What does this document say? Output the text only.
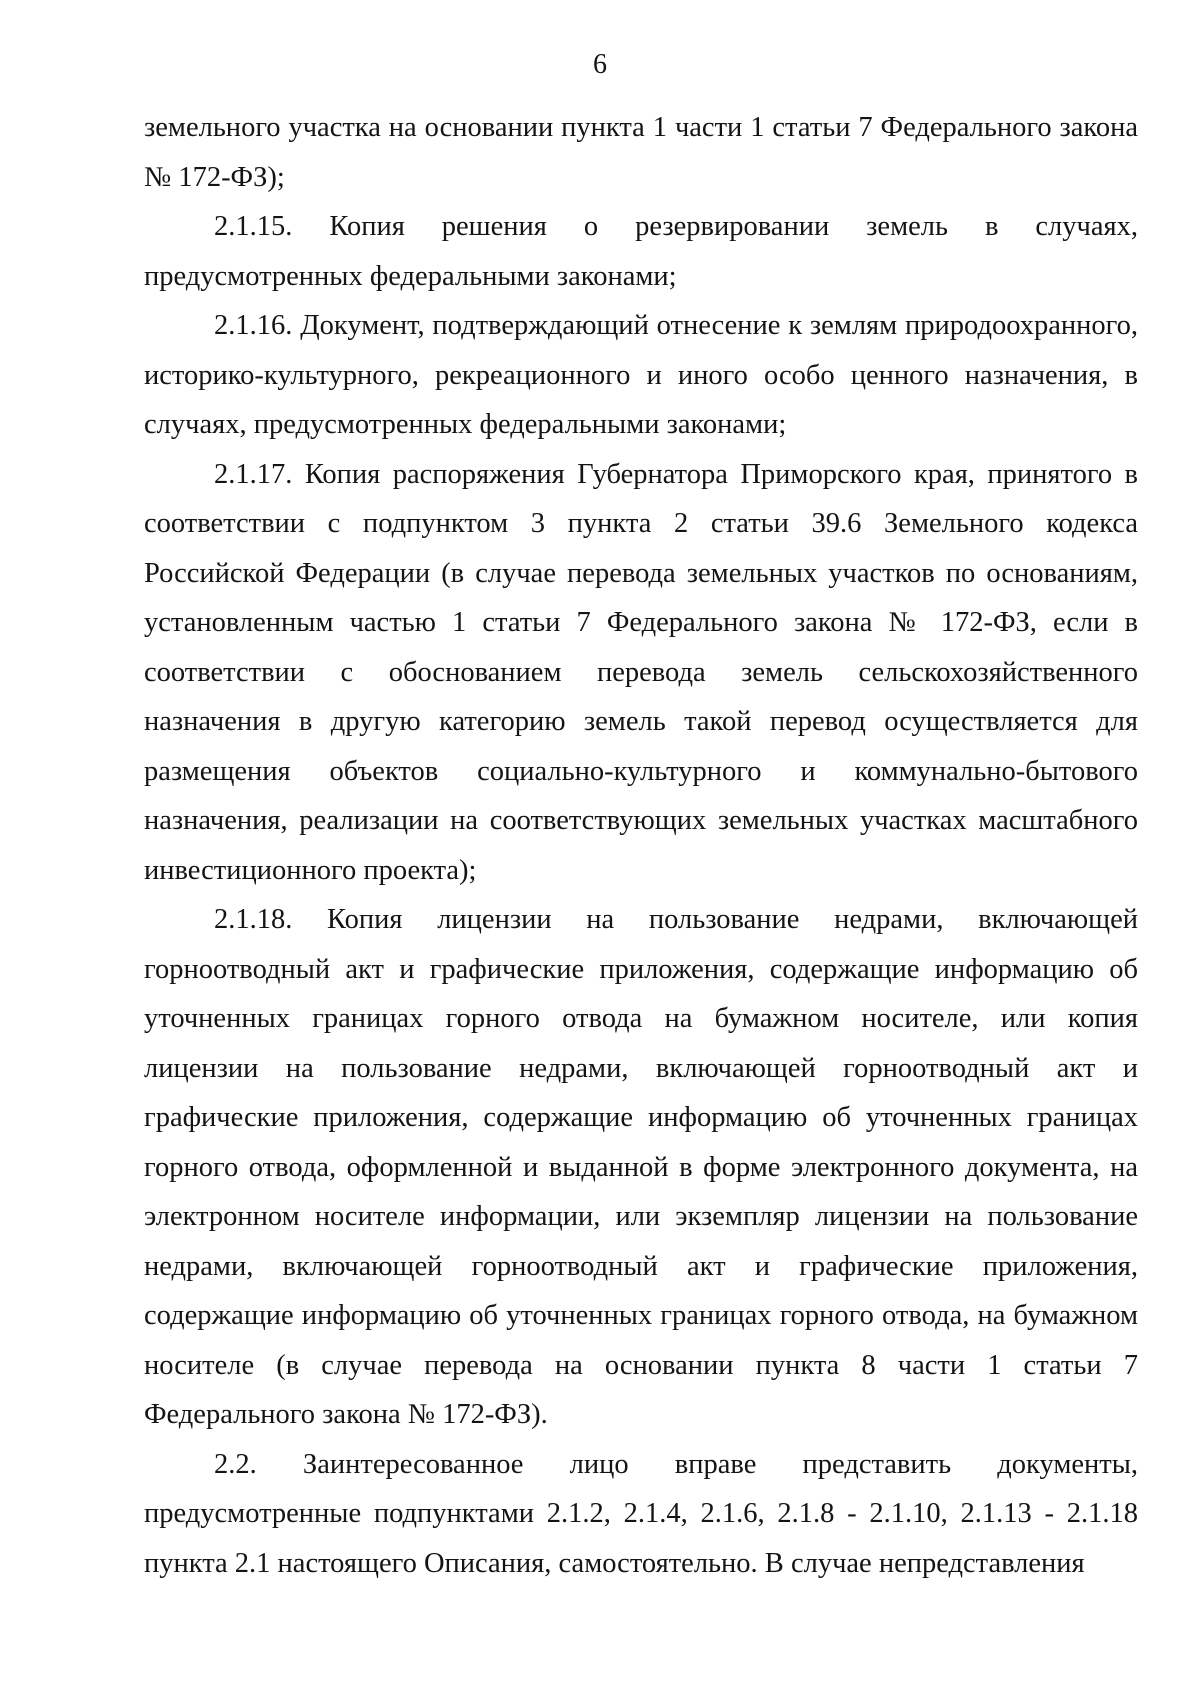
6

земельного участка на основании пункта 1 части 1 статьи 7 Федерального закона № 172-ФЗ);

2.1.15. Копия решения о резервировании земель в случаях, предусмотренных федеральными законами;

2.1.16. Документ, подтверждающий отнесение к землям природоохранного, историко-культурного, рекреационного и иного особо ценного назначения, в случаях, предусмотренных федеральными законами;

2.1.17. Копия распоряжения Губернатора Приморского края, принятого в соответствии с подпунктом 3 пункта 2 статьи 39.6 Земельного кодекса Российской Федерации (в случае перевода земельных участков по основаниям, установленным частью 1 статьи 7 Федерального закона № 172-ФЗ, если в соответствии с обоснованием перевода земель сельскохозяйственного назначения в другую категорию земель такой перевод осуществляется для размещения объектов социально-культурного и коммунально-бытового назначения, реализации на соответствующих земельных участках масштабного инвестиционного проекта);

2.1.18. Копия лицензии на пользование недрами, включающей горноотводный акт и графические приложения, содержащие информацию об уточненных границах горного отвода на бумажном носителе, или копия лицензии на пользование недрами, включающей горноотводный акт и графические приложения, содержащие информацию об уточненных границах горного отвода, оформленной и выданной в форме электронного документа, на электронном носителе информации, или экземпляр лицензии на пользование недрами, включающей горноотводный акт и графические приложения, содержащие информацию об уточненных границах горного отвода, на бумажном носителе (в случае перевода на основании пункта 8 части 1 статьи 7 Федерального закона № 172-ФЗ).

2.2. Заинтересованное лицо вправе представить документы, предусмотренные подпунктами 2.1.2, 2.1.4, 2.1.6, 2.1.8 - 2.1.10, 2.1.13 - 2.1.18 пункта 2.1 настоящего Описания, самостоятельно. В случае непредставления
